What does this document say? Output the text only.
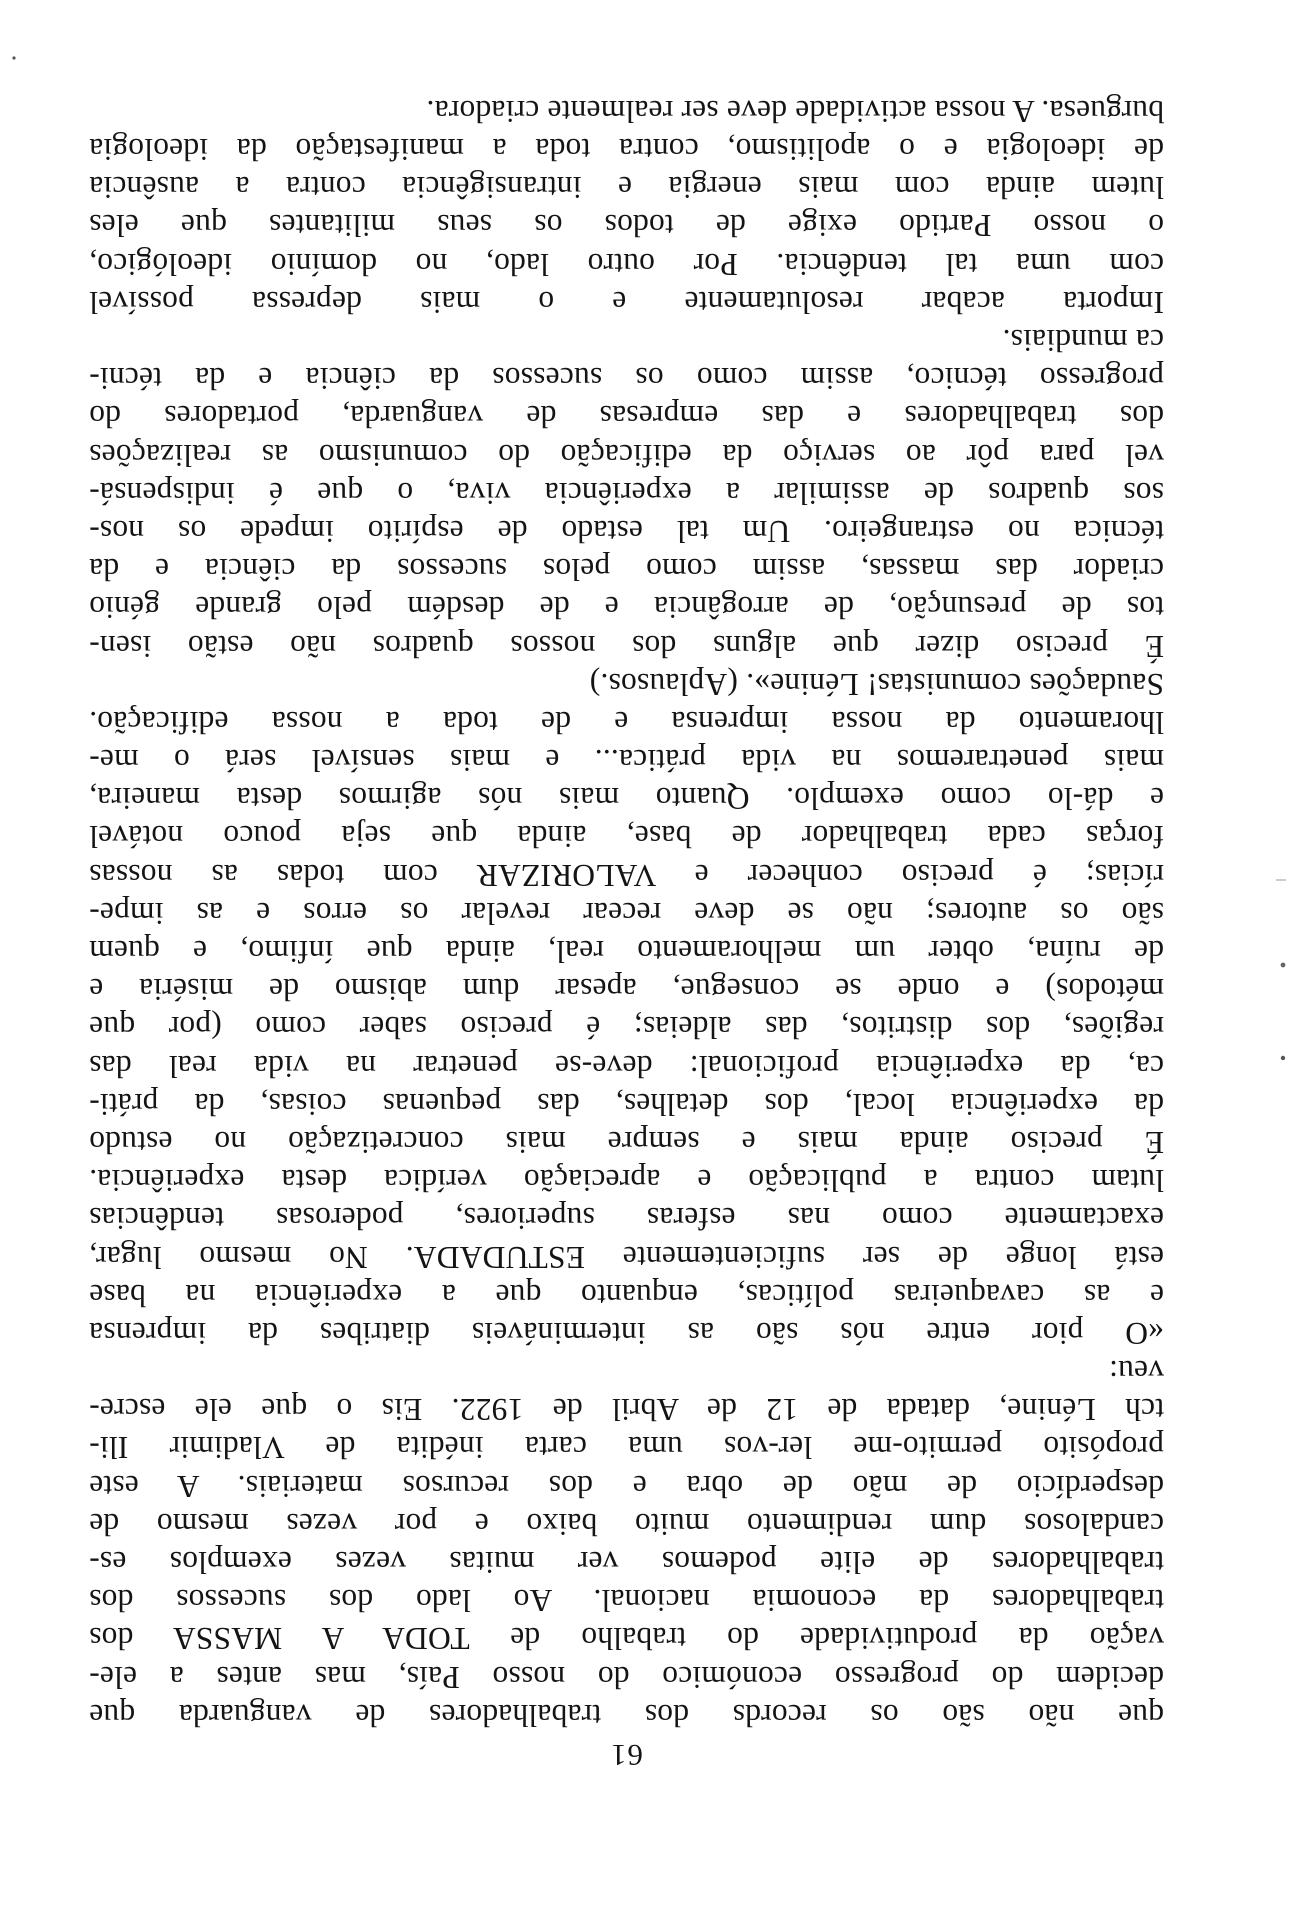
61
que não são os records dos trabalhadores de vanguarda que
decidem do progresso económico do nosso País, mas antes a ele-
vação da produtividade do trabalho de TODA A MASSA dos
trabalhadores da economia nacional. Ao lado dos sucessos dos
trabalhadores de elite podemos ver muitas vezes exemplos es-
candalosos dum rendimento muito baixo e por vezes mesmo de
desperdício de mão de obra e dos recursos materiais. A este
propósito permito-me ler-vos uma carta inédita de Vladimir Ili-
tch Lénine, datada de 12 de Abril de 1922. Eis o que ele escre-
veu:
«O pior entre nós são as intermináveis diatribes da imprensa
e as cavaqueiras políticas, enquanto que a experiência na base
está longe de ser suficientemente ESTUDADA. No mesmo lugar,
exactamente como nas esferas superiores, poderosas tendências
lutam contra a publicação e apreciação verídica desta experiência.
É preciso ainda mais e sempre mais concretização no estudo
da experiência local, dos detalhes, das pequenas coisas, da práti-
ca, da experiência proficional: deve-se penetrar na vida real das
regiões, dos distritos, das aldeias; é preciso saber como (por que
métodos) e onde se consegue, apesar dum abismo de miséria e
de ruína, obter um melhoramento real, ainda que ínfimo, e quem
são os autores; não se deve recear revelar os erros e as impe-
rícias; é preciso conhecer e VALORIZAR com todas as nossas
forças cada trabalhador de base, ainda que seja pouco notável
e dá-lo como exemplo. Quanto mais nós agirmos desta maneira,
mais penetraremos na vida prática... e mais sensível será o me-
lhoramento da nossa imprensa e de toda a nossa edificação.
Saudações comunistas! Lénine». (Aplausos.)
É preciso dizer que alguns dos nossos quadros não estão isen-
tos de presunção, de arrogância e de desdém pelo grande génio
criador das massas, assim como pelos sucessos da ciência e da
técnica no estrangeiro. Um tal estado de espírito impede os nos-
sos quadros de assimilar a experiência viva, o que é indispensá-
vel para pôr ao serviço da edificação do comunismo as realizações
dos trabalhadores e das empresas de vanguarda, portadores do
progresso técnico, assim como os sucessos da ciência e da técni-
ca mundiais.
Importa acabar resolutamente e o mais depressa possível
com uma tal tendência. Por outro lado, no domínio ideológico,
o nosso Partido exige de todos os seus militantes que eles
lutem ainda com mais energia e intransigência contra a ausência
de ideologia e o apolitismo, contra toda a manifestação da ideologia
burguesa. A nossa actividade deve ser realmente criadora.
